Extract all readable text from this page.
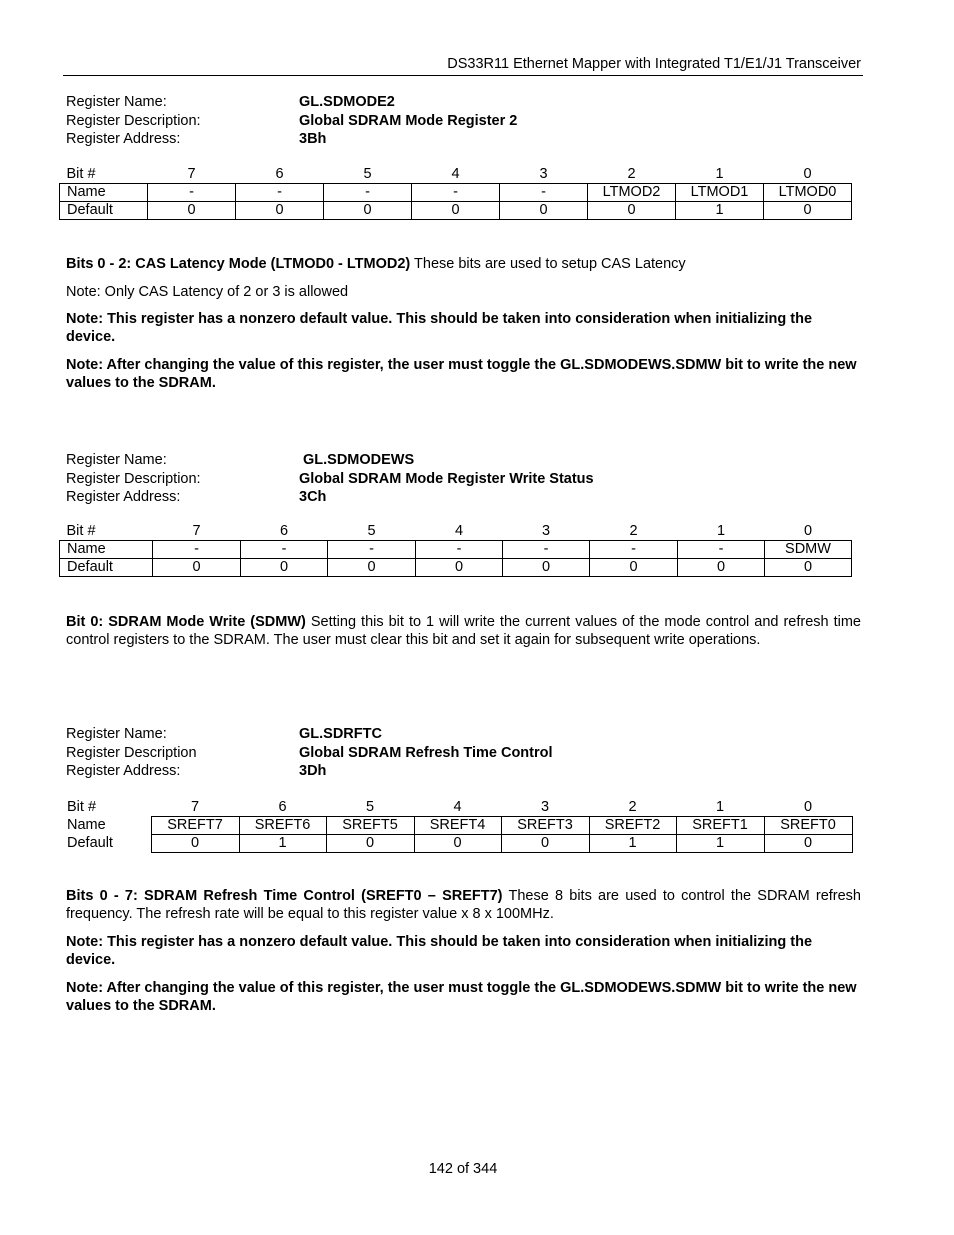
DS33R11 Ethernet Mapper with Integrated T1/E1/J1 Transceiver
Register Name:	GL.SDMODE2
Register Description:	Global SDRAM Mode Register 2
Register Address:	3Bh
Bit #	7	6	5	4	3	2	1	0
Name	-	-	-	-	-	LTMOD2	LTMOD1	LTMOD0
Default	0	0	0	0	0	0	1	0
Bits 0 - 2: CAS Latency Mode (LTMOD0 - LTMOD2) These bits are used to setup CAS Latency
Note: Only CAS Latency of 2 or 3 is allowed
Note: This register has a nonzero default value. This should be taken into consideration when initializing the device.
Note: After changing the value of this register, the user must toggle the GL.SDMODEWS.SDMW bit to write the new values to the SDRAM.
Register Name:	GL.SDMODEWS
Register Description:	Global SDRAM Mode Register Write Status
Register Address:	3Ch
Bit #	7	6	5	4	3	2	1	0
Name	-	-	-	-	-	-	-	SDMW
Default	0	0	0	0	0	0	0	0
Bit 0: SDRAM Mode Write (SDMW) Setting this bit to 1 will write the current values of the mode control and refresh time control registers to the SDRAM. The user must clear this bit and set it again for subsequent write operations.
Register Name:	GL.SDRFTC
Register Description	Global SDRAM Refresh Time Control
Register Address:	3Dh
Bit #	7	6	5	4	3	2	1	0
Name	SREFT7	SREFT6	SREFT5	SREFT4	SREFT3	SREFT2	SREFT1	SREFT0
Default	0	1	0	0	0	1	1	0
Bits 0 - 7: SDRAM Refresh Time Control (SREFT0 – SREFT7) These 8 bits are used to control the SDRAM refresh frequency. The refresh rate will be equal to this register value x 8 x 100MHz.
Note: This register has a nonzero default value. This should be taken into consideration when initializing the device.
Note: After changing the value of this register, the user must toggle the GL.SDMODEWS.SDMW bit to write the new values to the SDRAM.
142 of 344
